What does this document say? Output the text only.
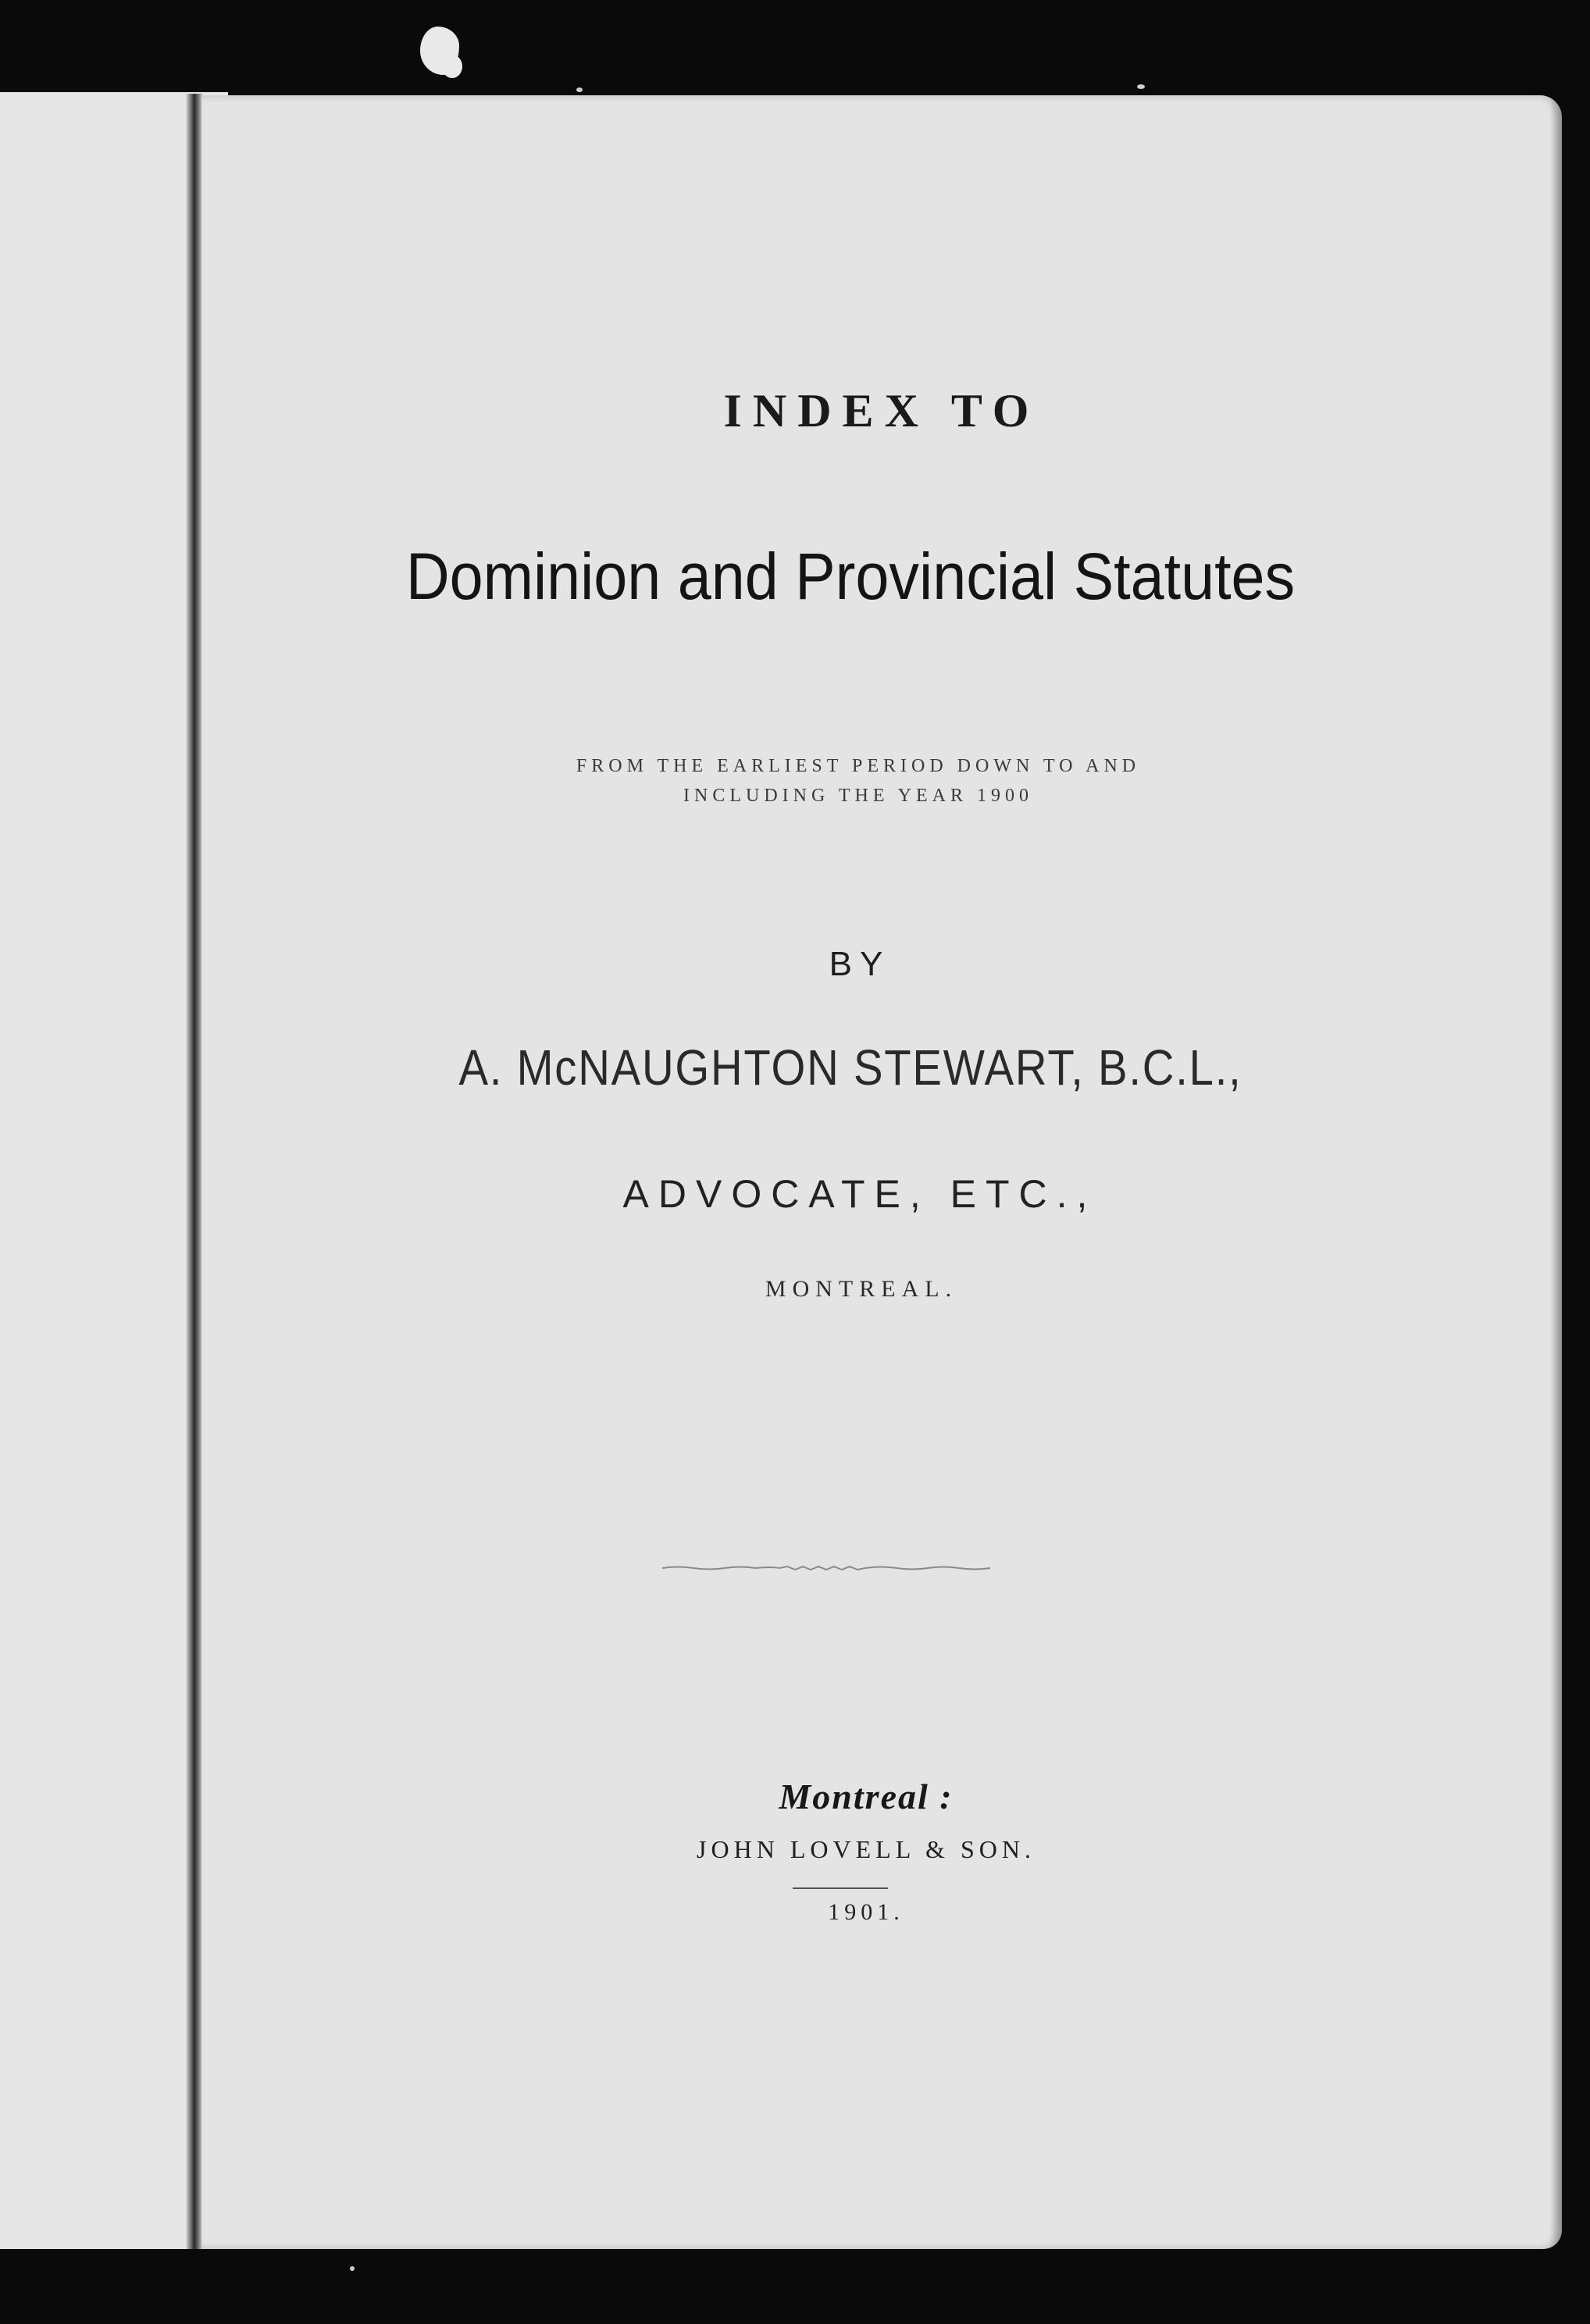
INDEX TO
Dominion and Provincial Statutes
FROM THE EARLIEST PERIOD DOWN TO AND
INCLUDING THE YEAR 1900
BY
A. McNAUGHTON STEWART, B.C.L.,
ADVOCATE, ETC.,
MONTREAL.
Montreal :
JOHN LOVELL & SON.
1901.
